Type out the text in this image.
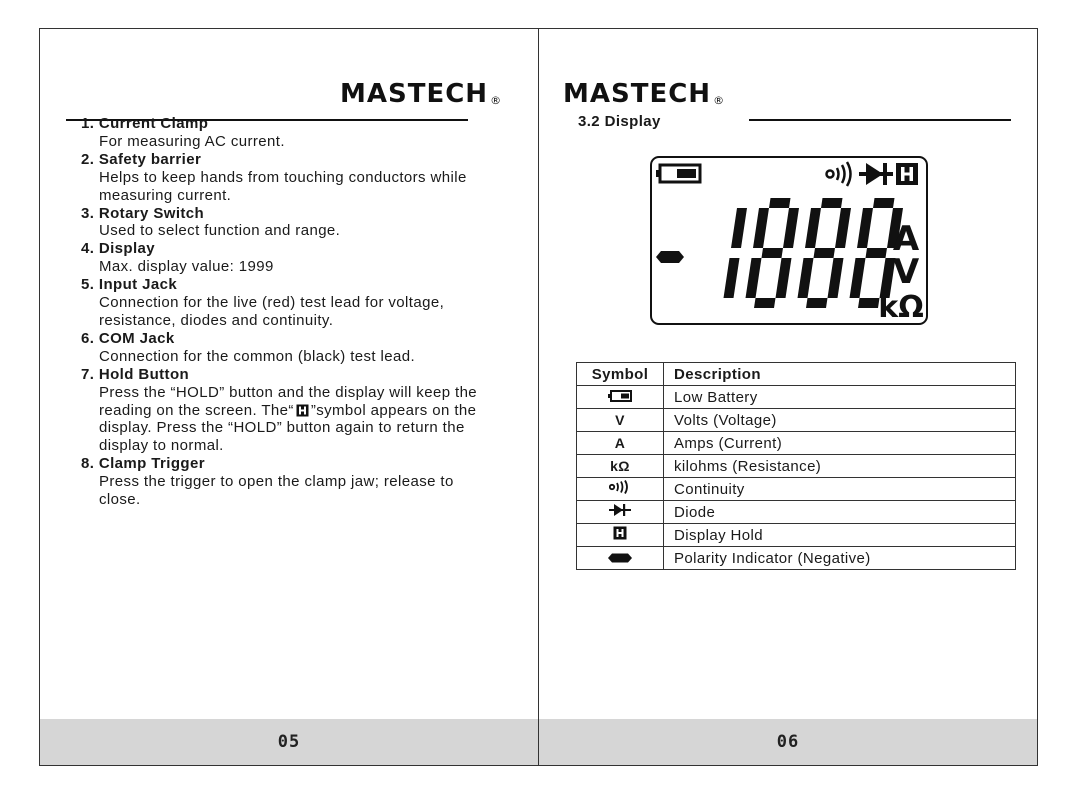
MASTECH ®
1. Current Clamp
For measuring AC current.
2. Safety barrier
Helps to keep hands from touching conductors while
measuring current.
3. Rotary Switch
Used to select function and range.
4. Display
Max. display value: 1999
5. Input Jack
Connection for the live (red) test lead for voltage,
resistance, diodes and continuity.
6. COM Jack
Connection for the common (black) test lead.
7. Hold Button
Press the “HOLD” button and the display will keep the
reading on the screen. The“ ”symbol appears on the
display. Press the “HOLD” button again to return the
display to normal.
8. Clamp Trigger
Press the trigger to open the clamp jaw; release to
close.
05
MASTECH ®
3.2 Display
A
V
kΩ
Symbol	Description
	Low Battery
V	Volts (Voltage)
A	Amps (Current)
kΩ	kilohms (Resistance)
	Continuity
	Diode
	Display Hold
	Polarity Indicator (Negative)
06
